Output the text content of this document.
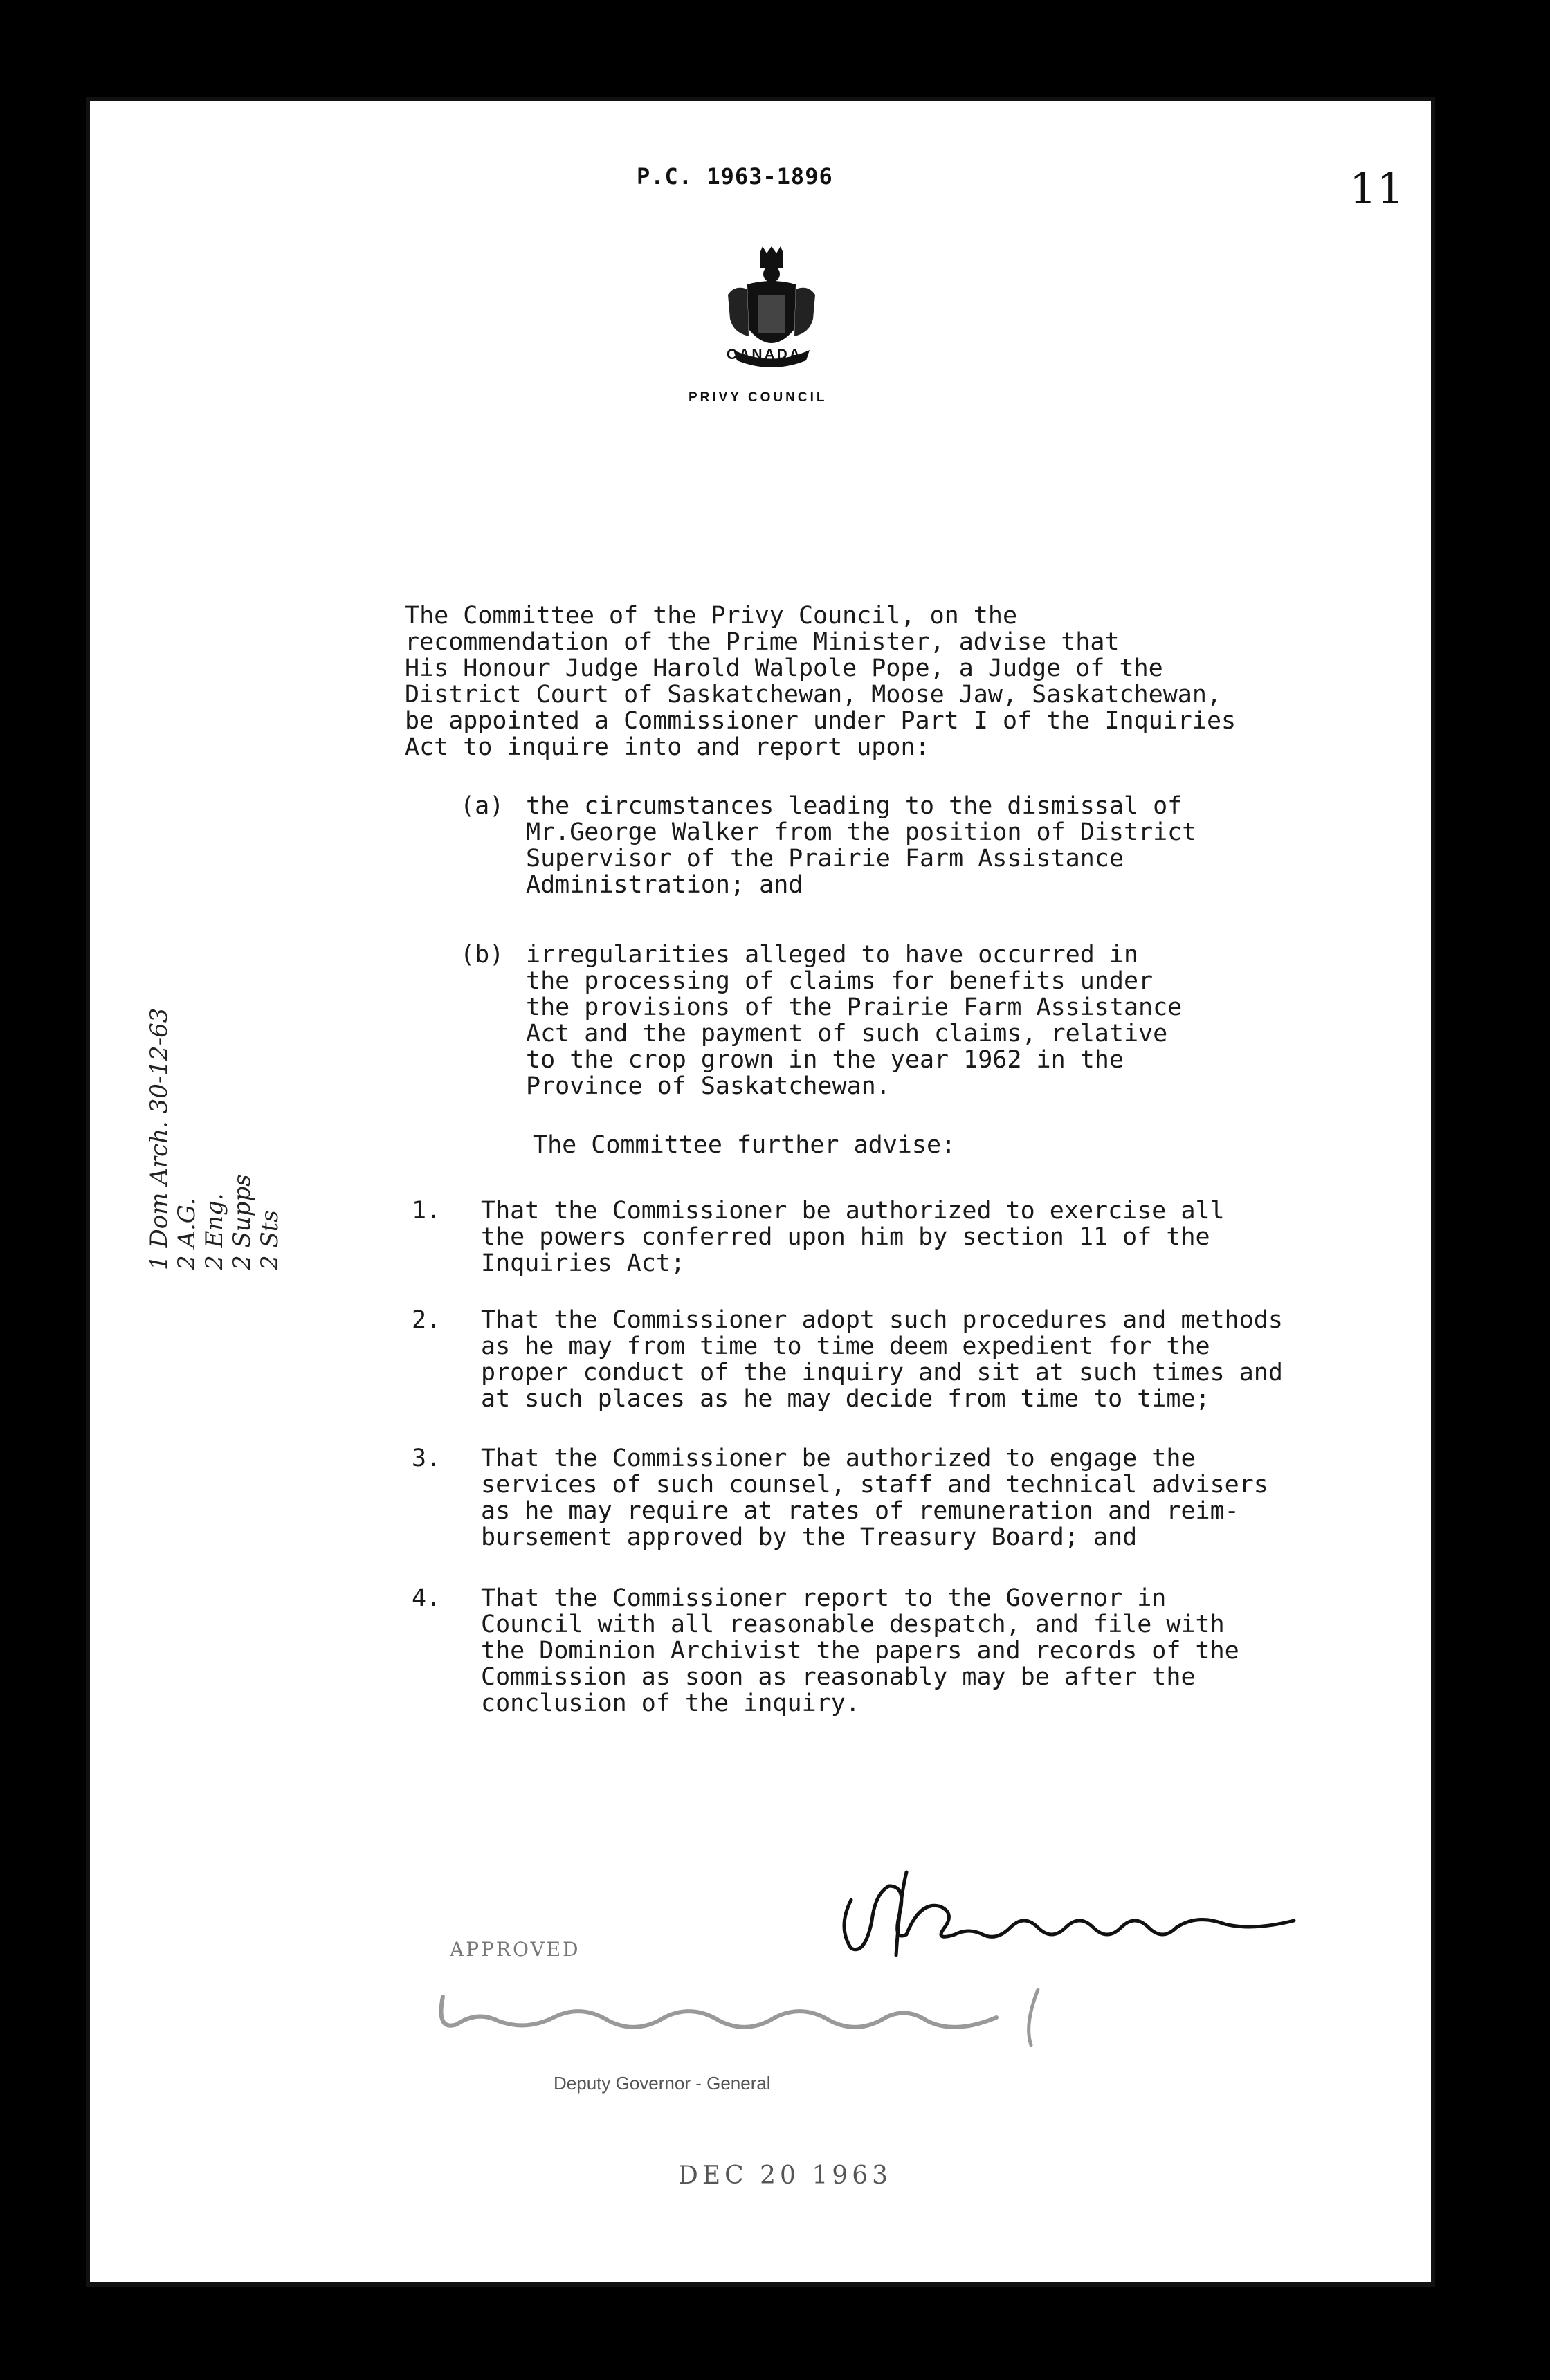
P.C. 1963-1896	11
CANADA
PRIVY COUNCIL
The Committee of the Privy Council, on the
recommendation of the Prime Minister, advise that
His Honour Judge Harold Walpole Pope, a Judge of the
District Court of Saskatchewan, Moose Jaw, Saskatchewan,
be appointed a Commissioner under Part I of the Inquiries
Act to inquire into and report upon:
(a) the circumstances leading to the dismissal of
Mr.George Walker from the position of District
Supervisor of the Prairie Farm Assistance
Administration; and
(b) irregularities alleged to have occurred in
the processing of claims for benefits under
the provisions of the Prairie Farm Assistance
Act and the payment of such claims, relative
to the crop grown in the year 1962 in the
Province of Saskatchewan.
The Committee further advise:
1. That the Commissioner be authorized to exercise all
the powers conferred upon him by section 11 of the
Inquiries Act;
2. That the Commissioner adopt such procedures and methods
as he may from time to time deem expedient for the
proper conduct of the inquiry and sit at such times and
at such places as he may decide from time to time;
3. That the Commissioner be authorized to engage the
services of such counsel, staff and technical advisers
as he may require at rates of remuneration and reim-
bursement approved by the Treasury Board; and
4. That the Commissioner report to the Governor in
Council with all reasonable despatch, and file with
the Dominion Archivist the papers and records of the
Commission as soon as reasonably may be after the
conclusion of the inquiry.
1 Dom Arch. 30-12-63
2 A.G.
2 Eng.
2 Supps
2 Sts
APPROVED
Deputy Governor - General
DEC 20 1963
